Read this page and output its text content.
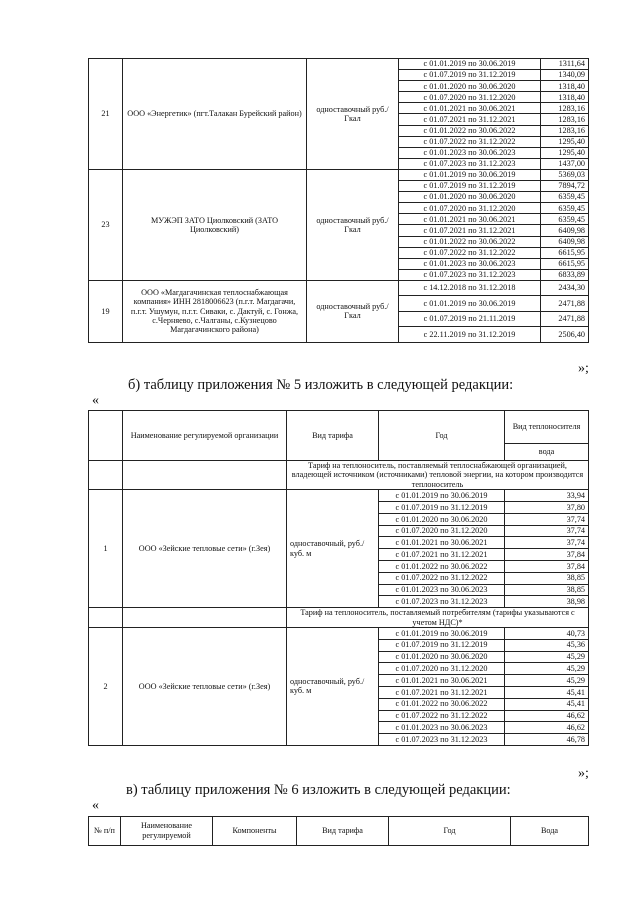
21	ООО «Энергетик» (пгт.Талакан Бурейский район)	одноставочный руб./Гкал	с 01.01.2019 по 30.06.2019	1311,64
			с 01.07.2019 по 31.12.2019	1340,09
			с 01.01.2020 по 30.06.2020	1318,40
			с 01.07.2020 по 31.12.2020	1318,40
			с 01.01.2021 по 30.06.2021	1283,16
			с 01.07.2021 по 31.12.2021	1283,16
			с 01.01.2022 по 30.06.2022	1283,16
			с 01.07.2022 по 31.12.2022	1295,40
			с 01.01.2023 по 30.06.2023	1295,40
			с 01.07.2023 по 31.12.2023	1437,00
23	МУЖЭП ЗАТО Циолковский (ЗАТО Циолковский)	одноставочный руб./Гкал	с 01.01.2019 по 30.06.2019	5369,03
			с 01.07.2019 по 31.12.2019	7894,72
			с 01.01.2020 по 30.06.2020	6359,45
			с 01.07.2020 по 31.12.2020	6359,45
			с 01.01.2021 по 30.06.2021	6359,45
			с 01.07.2021 по 31.12.2021	6409,98
			с 01.01.2022 по 30.06.2022	6409,98
			с 01.07.2022 по 31.12.2022	6615,95
			с 01.01.2023 по 30.06.2023	6615,95
			с 01.07.2023 по 31.12.2023	6833,89
19	ООО «Магдагачинская теплоснабжающая компания» ИНН 2818006623 (п.г.т. Магдагачи, п.г.т. Ушумун, п.г.т. Сиваки, с. Дактуй, с. Гонжа, с.Черняево, с.Чалганы, с.Кузнецово Магдагачинского района)	одноставочный руб./Гкал	с 14.12.2018 по 31.12.2018	2434,30
			с 01.01.2019 по 30.06.2019	2471,88
			с 01.07.2019 по 21.11.2019	2471,88
			с 22.11.2019 по 31.12.2019	2506,40
»;
б) таблицу приложения № 5 изложить в следующей редакции:
«
	Наименование регулируемой организации	Вид тарифа	Год	Вид теплоносителя
				вода
		Тариф на теплоноситель, поставляемый теплоснабжающей организацией, владеющей источником (источниками) тепловой энергии, на котором производится теплоноситель		
1	ООО «Зейские тепловые сети» (г.Зея)	одноставочный, руб./куб. м	с 01.01.2019 по 30.06.2019	33,94
			с 01.07.2019 по 31.12.2019	37,80
			с 01.01.2020 по 30.06.2020	37,74
			с 01.07.2020 по 31.12.2020	37,74
			с 01.01.2021 по 30.06.2021	37,74
			с 01.07.2021 по 31.12.2021	37,84
			с 01.01.2022 по 30.06.2022	37,84
			с 01.07.2022 по 31.12.2022	38,85
			с 01.01.2023 по 30.06.2023	38,85
			с 01.07.2023 по 31.12.2023	38,98
		Тариф на теплоноситель, поставляемый потребителям (тарифы указываются с учетом НДС)*		
2	ООО «Зейские тепловые сети» (г.Зея)	одноставочный, руб./куб. м	с 01.01.2019 по 30.06.2019	40,73
			с 01.07.2019 по 31.12.2019	45,36
			с 01.01.2020 по 30.06.2020	45,29
			с 01.07.2020 по 31.12.2020	45,29
			с 01.01.2021 по 30.06.2021	45,29
			с 01.07.2021 по 31.12.2021	45,41
			с 01.01.2022 по 30.06.2022	45,41
			с 01.07.2022 по 31.12.2022	46,62
			с 01.01.2023 по 30.06.2023	46,62
			с 01.07.2023 по 31.12.2023	46,78
»;
в) таблицу приложения № 6 изложить в следующей редакции:
«
№ п/п	Наименование регулируемой	Компоненты	Вид тарифа	Год	Вода
